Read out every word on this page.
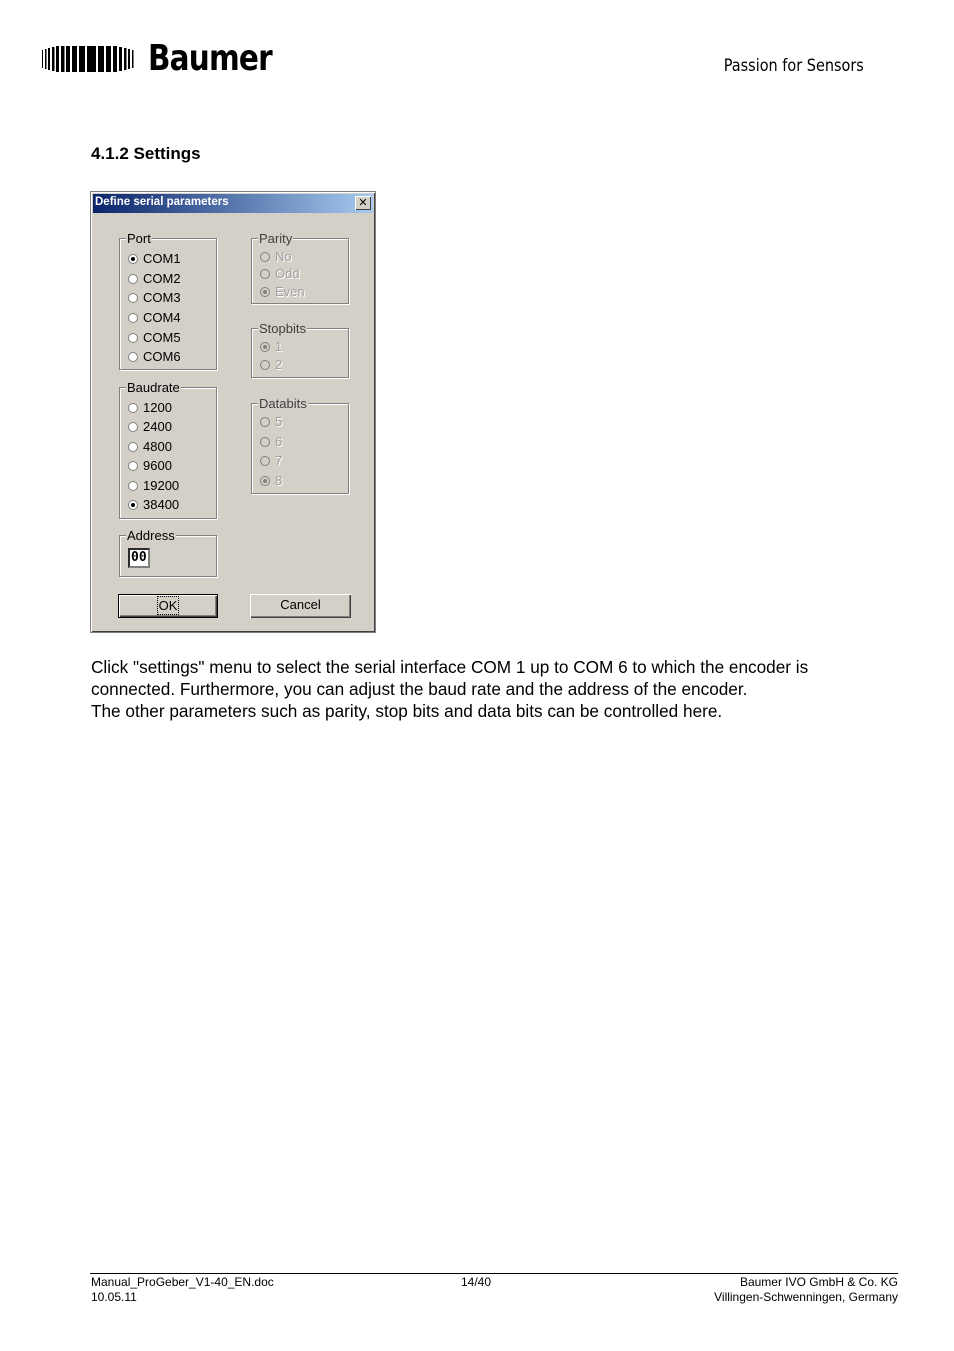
Baumer	Passion for Sensors
4.1.2 Settings
Define serial parameters	✕
Port
COM1
COM2
COM3
COM4
COM5
COM6
Baudrate
1200
2400
4800
9600
19200
38400
Address
00
Parity
No
Odd
Even
Stopbits
1
2
Databits
5
6
7
8
OK	Cancel
Click "settings" menu to select the serial interface COM 1 up to COM 6 to which the encoder is
connected. Furthermore, you can adjust the baud rate and the address of the encoder.
The other parameters such as parity, stop bits and data bits can be controlled here.
Manual_ProGeber_V1-40_EN.doc
10.05.11
14/40	Baumer IVO GmbH & Co. KG
Villingen-Schwenningen, Germany
